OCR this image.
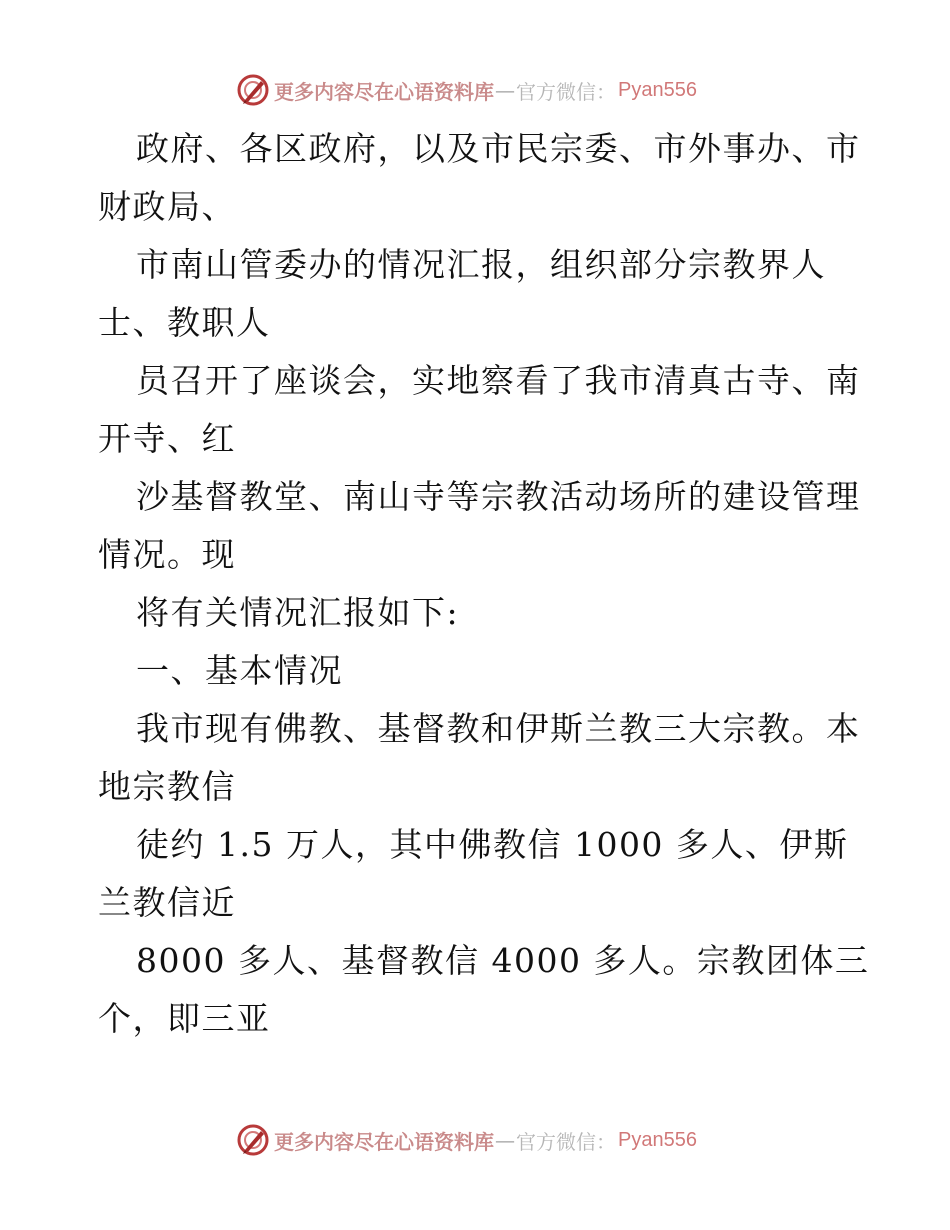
更多内容尽在心语资料库 — 官方微信： Pyan556
政府、各区政府，以及市民宗委、市外事办、市
财政局、
市南山管委办的情况汇报，组织部分宗教界人
士、教职人
员召开了座谈会，实地察看了我市清真古寺、南
开寺、红
沙基督教堂、南山寺等宗教活动场所的建设管理
情况。现
将有关情况汇报如下:
一、基本情况
我市现有佛教、基督教和伊斯兰教三大宗教。本
地宗教信
徒约 1.5 万人，其中佛教信 1000 多人、伊斯
兰教信近
8000 多人、基督教信 4000 多人。宗教团体三
个，即三亚
更多内容尽在心语资料库 — 官方微信： Pyan556
